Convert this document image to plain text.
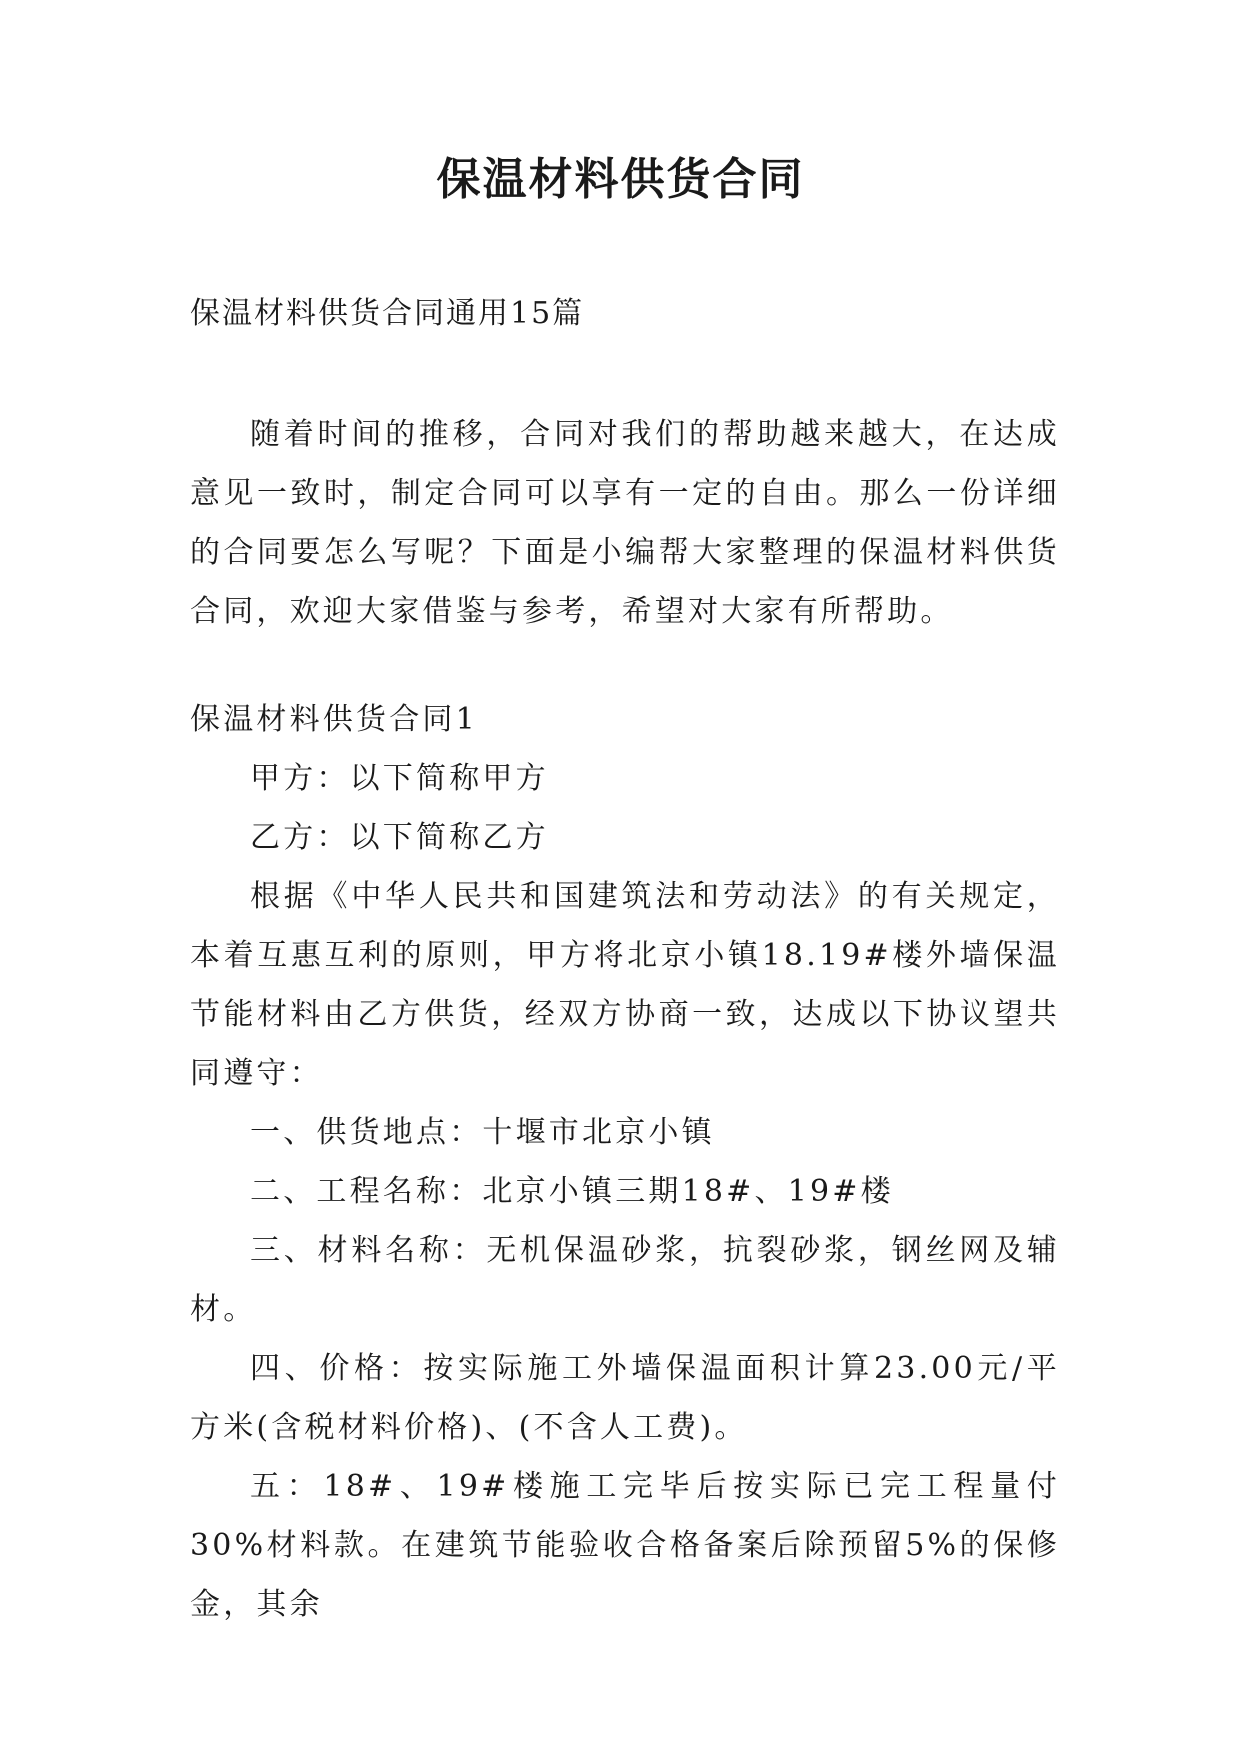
保温材料供货合同
保温材料供货合同通用15篇

随着时间的推移，合同对我们的帮助越来越大，在达成意见一致时，制定合同可以享有一定的自由。那么一份详细的合同要怎么写呢？下面是小编帮大家整理的保温材料供货合同，欢迎大家借鉴与参考，希望对大家有所帮助。

保温材料供货合同1

甲方：以下简称甲方

乙方：以下简称乙方

根据《中华人民共和国建筑法和劳动法》的有关规定，本着互惠互利的原则，甲方将北京小镇18.19#楼外墙保温节能材料由乙方供货，经双方协商一致，达成以下协议望共同遵守：

一、供货地点：十堰市北京小镇

二、工程名称：北京小镇三期18#、19#楼

三、材料名称：无机保温砂浆，抗裂砂浆，钢丝网及辅材。

四、价格：按实际施工外墙保温面积计算23.00元/平方米(含税材料价格)、(不含人工费)。

五：18#、19#楼施工完毕后按实际已完工程量付30%材料款。在建筑节能验收合格备案后除预留5%的保修金，其余
